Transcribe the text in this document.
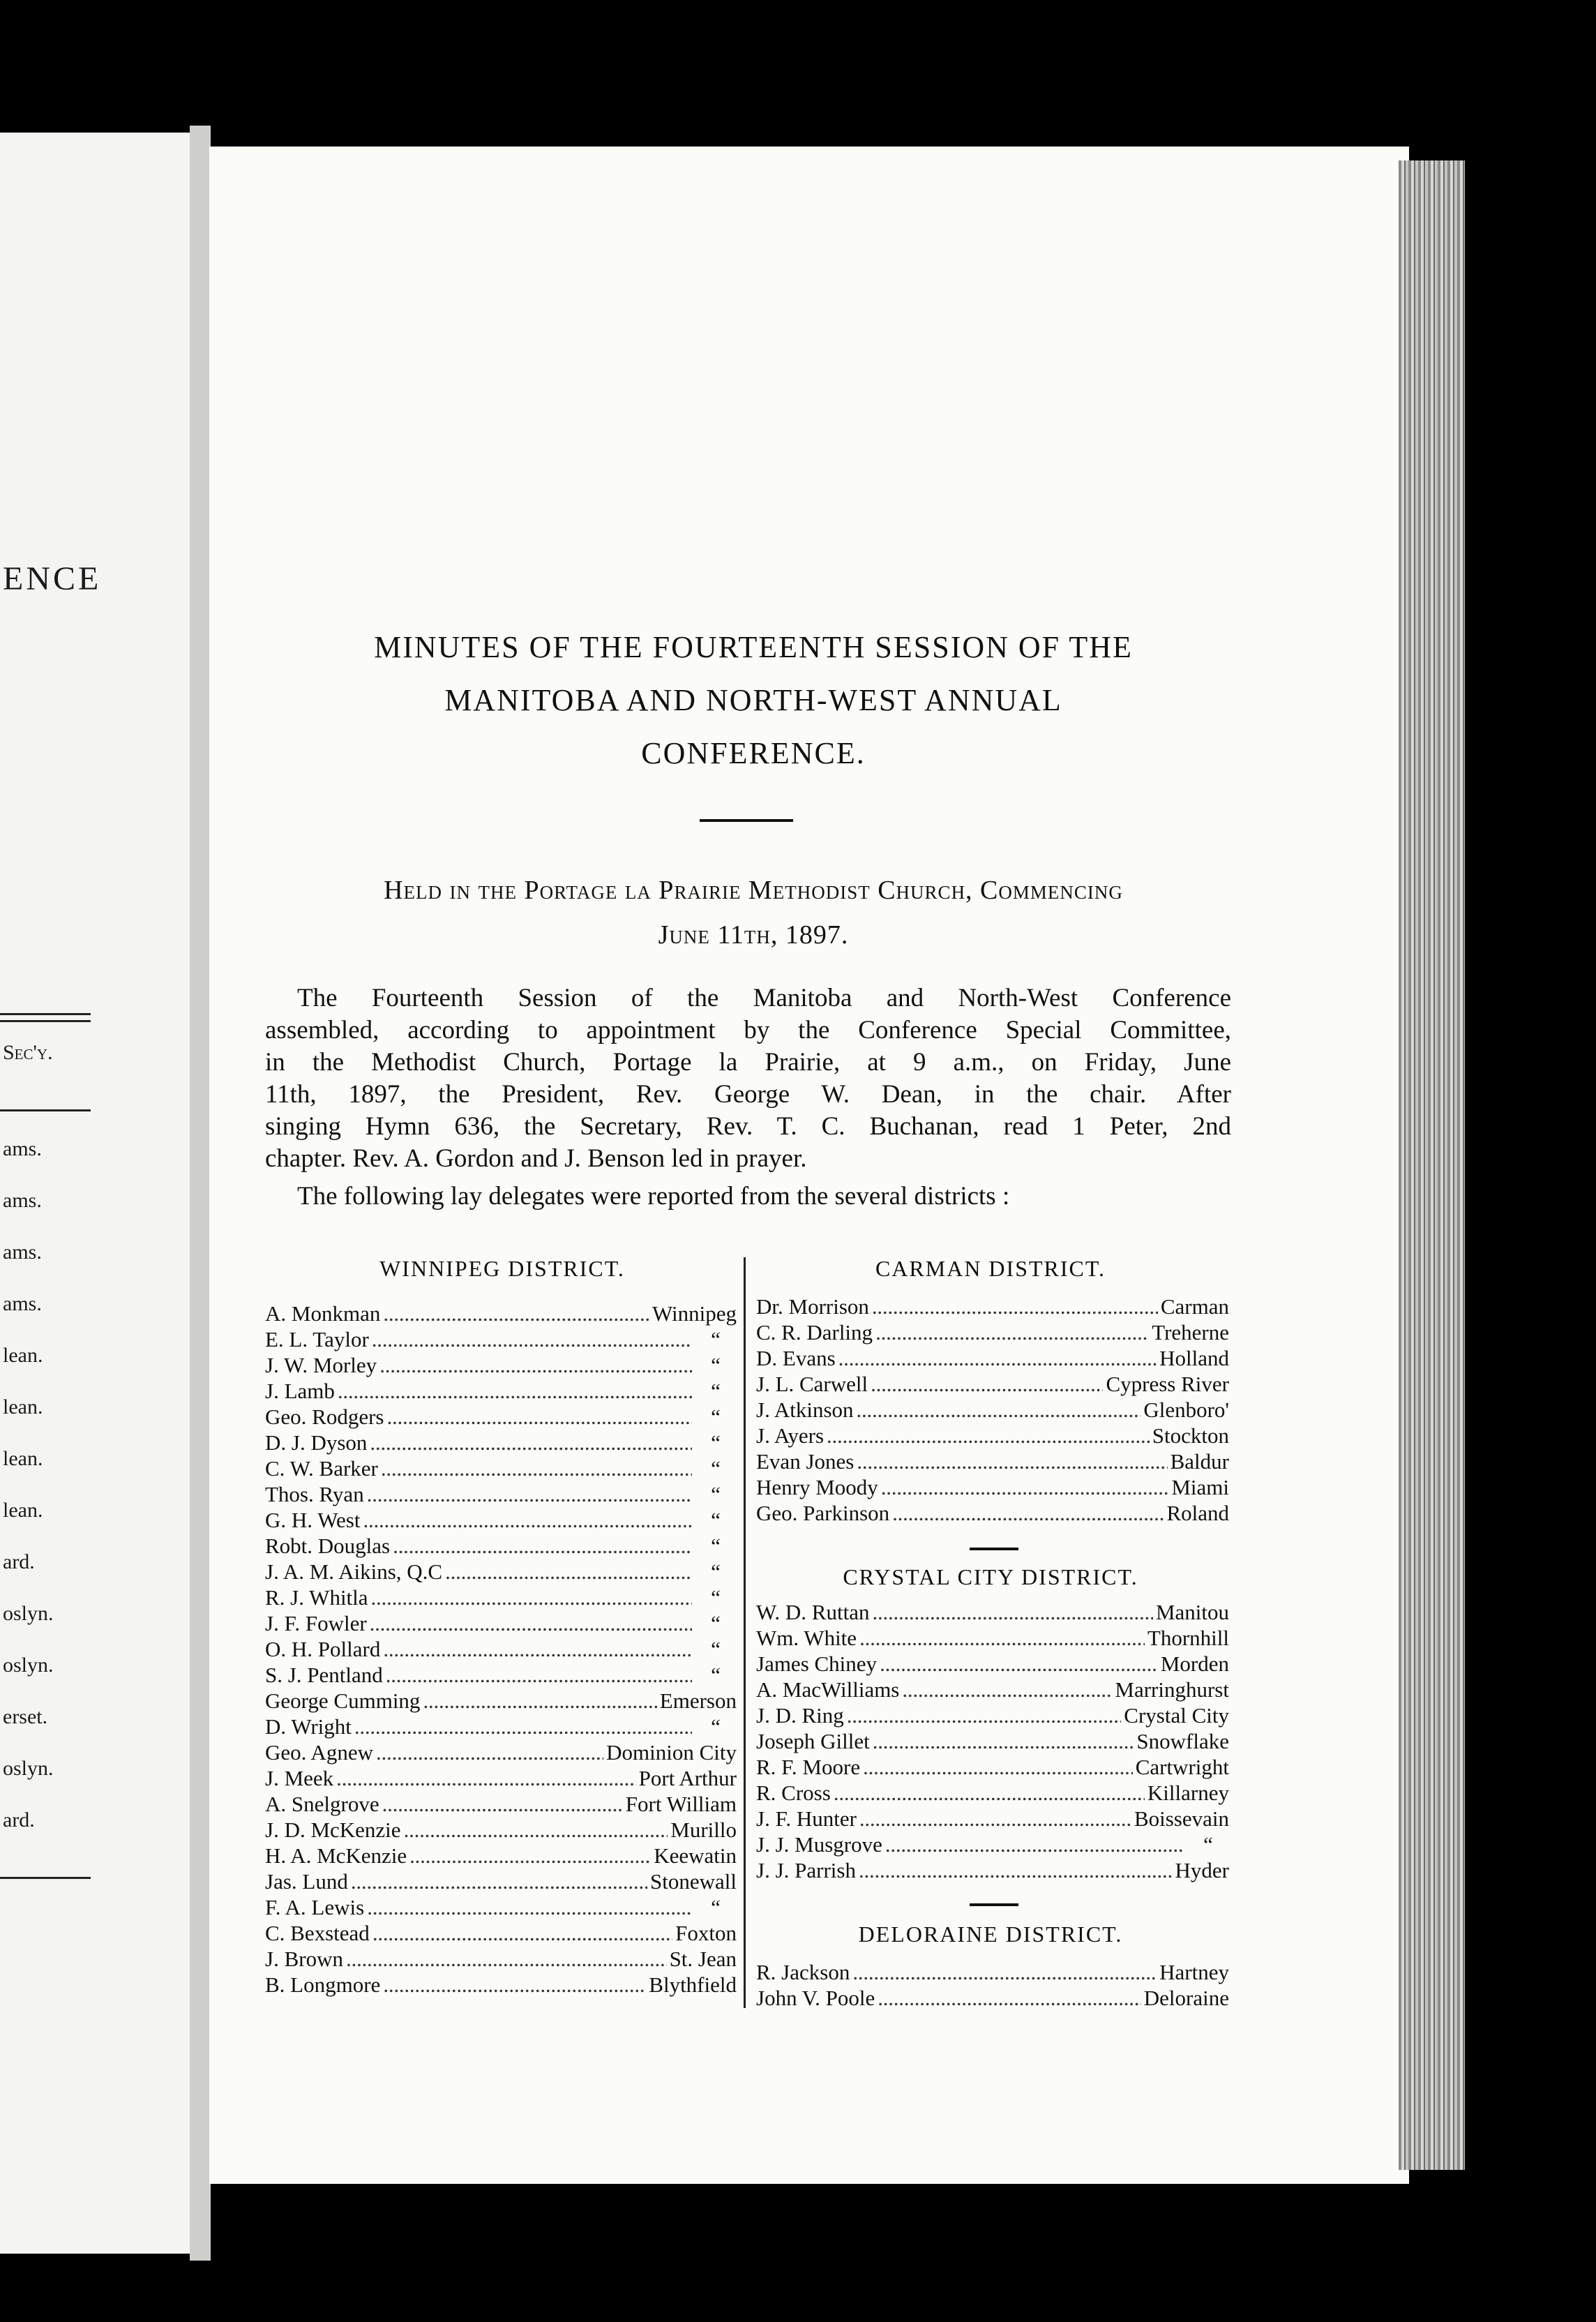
ENCE
Sec'y.
ams.
ams.
ams.
ams.
lean.
lean.
lean.
lean.
ard.
oslyn.
oslyn.
erset.
oslyn.
ard.
MINUTES OF THE FOURTEENTH SESSION OF THE
MANITOBA AND NORTH-WEST ANNUAL
CONFERENCE.
Held in the Portage la Prairie Methodist Church, Commencing
June 11th, 1897.
The Fourteenth Session of the Manitoba and North-West Conference
assembled, according to appointment by the Conference Special Committee,
in the Methodist Church, Portage la Prairie, at 9 a.m., on Friday, June
11th, 1897, the President, Rev. George W. Dean, in the chair. After
singing Hymn 636, the Secretary, Rev. T. C. Buchanan, read 1 Peter, 2nd
chapter. Rev. A. Gordon and J. Benson led in prayer.
The following lay delegates were reported from the several districts :
WINNIPEG DISTRICT.
A. Monkman . . .	Winnipeg
E. L. Taylor . . .	“
J. W. Morley . . .	“
J. Lamb . . .	“
Geo. Rodgers . . .	“
D. J. Dyson . . .	“
C. W. Barker . . .	“
Thos. Ryan . . .	“
G. H. West . . .	“
Robt. Douglas . . .	“
J. A. M. Aikins, Q.C . . .	“
R. J. Whitla . . .	“
J. F. Fowler . . .	“
O. H. Pollard . . .	“
S. J. Pentland . . .	“
George Cumming . . .	Emerson
D. Wright . . .	“
Geo. Agnew . . .	Dominion City
J. Meek . . .	Port Arthur
A. Snelgrove . . .	Fort William
J. D. McKenzie . . .	Murillo
H. A. McKenzie . . .	Keewatin
Jas. Lund . . .	Stonewall
F. A. Lewis . . .	“
C. Bexstead . . .	Foxton
J. Brown . . .	St. Jean
B. Longmore . . .	Blythfield
CARMAN DISTRICT.
Dr. Morrison . . .	Carman
C. R. Darling . . .	Treherne
D. Evans . . .	Holland
J. L. Carwell . . .	Cypress River
J. Atkinson . . .	Glenboro'
J. Ayers . . .	Stockton
Evan Jones . . .	Baldur
Henry Moody . . .	Miami
Geo. Parkinson . . .	Roland
CRYSTAL CITY DISTRICT.
W. D. Ruttan . . .	Manitou
Wm. White . . .	Thornhill
James Chiney . . .	Morden
A. MacWilliams . . .	Marringhurst
J. D. Ring . . .	Crystal City
Joseph Gillet . . .	Snowflake
R. F. Moore . . .	Cartwright
R. Cross . . .	Killarney
J. F. Hunter . . .	Boissevain
J. J. Musgrove . . .	“
J. J. Parrish . . .	Hyder
DELORAINE DISTRICT.
R. Jackson . . .	Hartney
John V. Poole . . .	Deloraine
